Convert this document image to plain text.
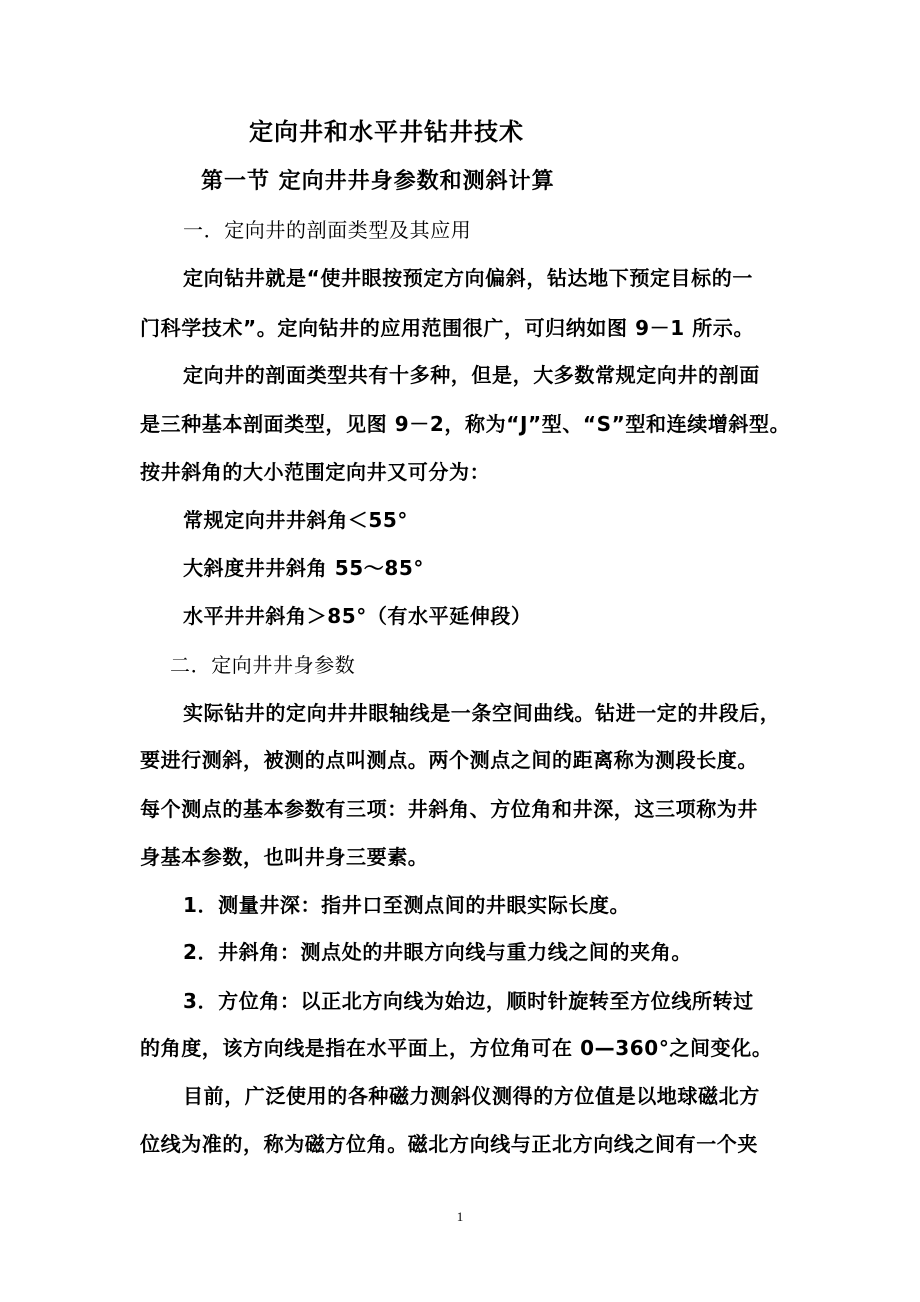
定向井和水平井钻井技术
第一节 定向井井身参数和测斜计算
一．定向井的剖面类型及其应用
定向钻井就是“使井眼按预定方向偏斜，钻达地下预定目标的一
门科学技术”。定向钻井的应用范围很广，可归纳如图 9－1 所示。
定向井的剖面类型共有十多种，但是，大多数常规定向井的剖面
是三种基本剖面类型，见图 9－2，称为“J”型、“S”型和连续增斜型。
按井斜角的大小范围定向井又可分为：
常规定向井井斜角＜55°
大斜度井井斜角 55～85°
水平井井斜角＞85°（有水平延伸段）
二．定向井井身参数
实际钻井的定向井井眼轴线是一条空间曲线。钻进一定的井段后，
要进行测斜，被测的点叫测点。两个测点之间的距离称为测段长度。
每个测点的基本参数有三项：井斜角、方位角和井深，这三项称为井
身基本参数，也叫井身三要素。
1．测量井深：指井口至测点间的井眼实际长度。
2．井斜角：测点处的井眼方向线与重力线之间的夹角。
3．方位角：以正北方向线为始边，顺时针旋转至方位线所转过
的角度，该方向线是指在水平面上，方位角可在 0—360°之间变化。
目前，广泛使用的各种磁力测斜仪测得的方位值是以地球磁北方
位线为准的，称为磁方位角。磁北方向线与正北方向线之间有一个夹
1
